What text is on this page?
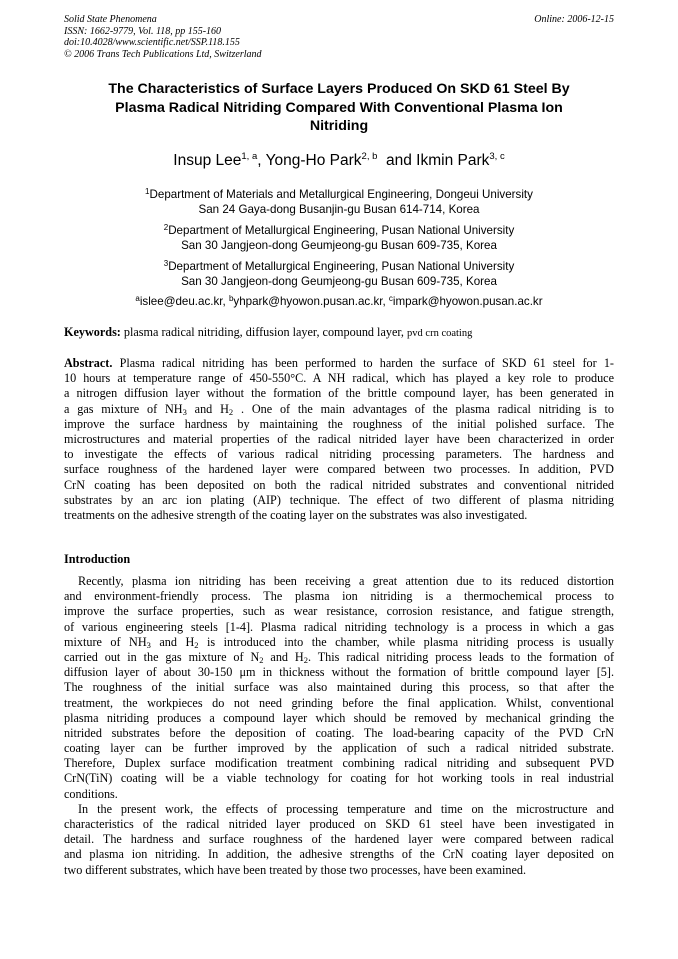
Solid State Phenomena
ISSN: 1662-9779, Vol. 118, pp 155-160
doi:10.4028/www.scientific.net/SSP.118.155
© 2006 Trans Tech Publications Ltd, Switzerland
Online: 2006-12-15
The Characteristics of Surface Layers Produced On SKD 61 Steel By
Plasma Radical Nitriding Compared With Conventional Plasma Ion
Nitriding
Insup Lee$^{1, a}$, Yong-Ho Park$^{2, b}$  and Ikmin Park$^{3, c}$
$^1$Department of Materials and Metallurgical Engineering, Dongeui University
San 24 Gaya-dong Busanjin-gu Busan 614-714, Korea
$^2$Department of Metallurgical Engineering, Pusan National University
San 30 Jangjeon-dong Geumjeong-gu Busan 609-735, Korea
$^3$Department of Metallurgical Engineering, Pusan National University
San 30 Jangjeon-dong Geumjeong-gu Busan 609-735, Korea
$^a$islee@deu.ac.kr, $^b$yhpark@hyowon.pusan.ac.kr, $^c$impark@hyowon.pusan.ac.kr
Keywords: plasma radical nitriding, diffusion layer, compound layer, pvd crn coating
Abstract. Plasma radical nitriding has been performed to harden the surface of SKD 61 steel for 1-
10 hours at temperature range of 450-550°C. A NH radical, which has played a key role to produce
a nitrogen diffusion layer without the formation of the brittle compound layer, has been generated in
a gas mixture of $NH_3$ and $H_2$ . One of the main advantages of the plasma radical nitriding is to
improve the surface hardness by maintaining the roughness of the initial polished surface. The
microstructures and material properties of the radical nitrided layer have been characterized in order
to investigate the effects of various radical nitriding processing parameters. The hardness and
surface roughness of the hardened layer were compared between two processes. In addition, PVD
CrN coating has been deposited on both the radical nitrided substrates and conventional nitrided
substrates by an arc ion plating (AIP) technique. The effect of two different of plasma nitriding
treatments on the adhesive strength of the coating layer on the substrates was also investigated.
Introduction
Recently, plasma ion nitriding has been receiving a great attention due to its reduced distortion
and environment-friendly process. The plasma ion nitriding is a thermochemical process to
improve the surface properties, such as wear resistance, corrosion resistance, and fatigue strength,
of various engineering steels [1-4]. Plasma radical nitriding technology is a process in which a gas
mixture of $NH_3$ and $H_2$ is introduced into the chamber, while plasma nitriding process is usually
carried out in the gas mixture of $N_2$ and $H_2$. This radical nitriding process leads to the formation of
diffusion layer of about 30-150 μm in thickness without the formation of brittle compound layer [5].
The roughness of the initial surface was also maintained during this process, so that after the
treatment, the workpieces do not need grinding before the final application. Whilst, conventional
plasma nitriding produces a compound layer which should be removed by mechanical grinding the
nitrided substrates before the deposition of coating. The load-bearing capacity of the PVD CrN
coating layer can be further improved by the application of such a radical nitrided substrate.
Therefore, Duplex surface modification treatment combining radical nitriding and subsequent PVD
CrN(TiN) coating will be a viable technology for coating for hot working tools in real industrial
conditions.
In the present work, the effects of processing temperature and time on the microstructure and
characteristics of the radical nitrided layer produced on SKD 61 steel have been investigated in
detail. The hardness and surface roughness of the hardened layer were compared between radical
and plasma ion nitriding. In addition, the adhesive strengths of the CrN coating layer deposited on
two different substrates, which have been treated by those two processes, have been examined.
